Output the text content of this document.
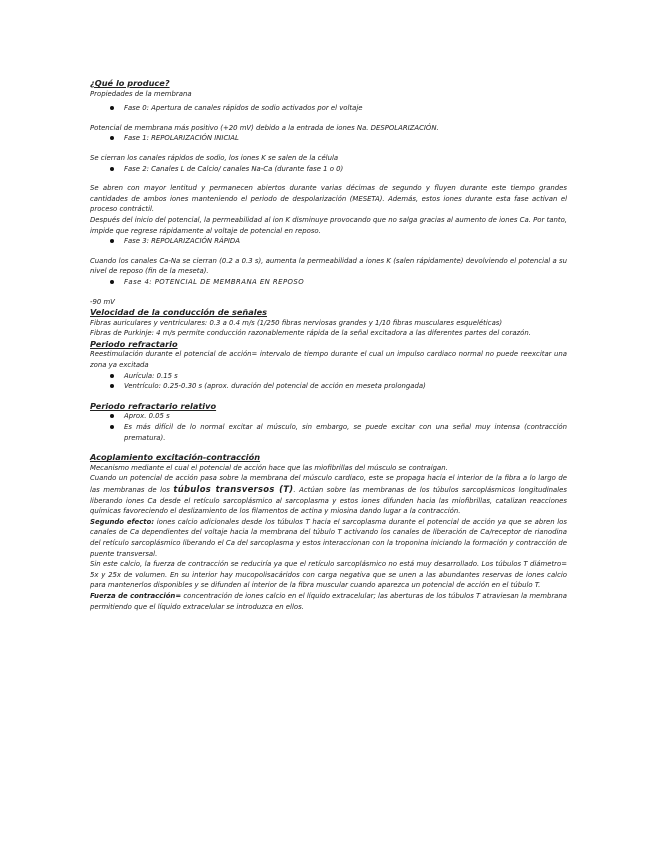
¿Qué lo produce?

Propiedades de la membrana

Fase 0: Apertura de canales rápidos de sodio activados por el voltaje

Potencial de membrana más positivo (+20 mV) debido a la entrada de iones Na. DESPOLARIZACIÓN.

Fase 1: REPOLARIZACIÓN INICIAL

Se cierran los canales rápidos de sodio, los iones K se salen de la célula

Fase 2: Canales L de Calcio/ canales Na-Ca (durante fase 1 o 0)

Se abren con mayor lentitud y permanecen abiertos durante varias décimas de segundo y fluyen durante este tiempo grandes cantidades de ambos iones manteniendo el periodo de despolarización (MESETA). Además, estos iones durante esta fase activan el proceso contráctil.

Después del inicio del potencial, la permeabilidad al ion K disminuye provocando que no salga gracias al aumento de iones Ca. Por tanto, impide que regrese rápidamente al voltaje de potencial en reposo.

Fase 3: REPOLARIZACIÓN RÁPIDA

Cuando los canales Ca-Na se cierran (0.2 a 0.3 s), aumenta la permeabilidad a iones K (salen rápidamente) devolviendo el potencial a su nivel de reposo (fin de la meseta).

Fase 4: POTENCIAL DE MEMBRANA EN REPOSO

-90 mV

Velocidad de la conducción de señales

Fibras auriculares y ventriculares: 0.3 a 0.4 m/s (1/250 fibras nerviosas grandes y 1/10 fibras musculares esqueléticas)

Fibras de Purkinje: 4 m/s permite conducción razonablemente rápida de la señal excitadora a las diferentes partes del corazón.

Periodo refractario

Reestimulación durante el potencial de acción= intervalo de tiempo durante el cual un impulso cardiaco normal no puede reexcitar una zona ya excitada

Aurícula: 0.15 s
Ventrículo: 0.25-0.30 s (aprox. duración del potencial de acción en meseta prolongada)

Periodo refractario relativo

Aprox. 0.05 s
Es más difícil de lo normal excitar al músculo, sin embargo, se puede excitar con una señal muy intensa (contracción prematura).

Acoplamiento excitación-contracción

Mecanismo mediante el cual el potencial de acción hace que las miofibrillas del músculo se contraigan.

Cuando un potencial de acción pasa sobre la membrana del músculo cardiaco, este se propaga hacia el interior de la fibra a lo largo de las membranas de los túbulos transversos (T). Actúan sobre las membranas de los túbulos sarcoplásmicos longitudinales liberando iones Ca desde el retículo sarcoplásmico al sarcoplasma y estos iones difunden hacia las miofibrillas, catalizan reacciones químicas favoreciendo el deslizamiento de los filamentos de actina y miosina dando lugar a la contracción.

Segundo efecto: iones calcio adicionales desde los túbulos T hacia el sarcoplasma durante el potencial de acción ya que se abren los canales de Ca dependientes del voltaje hacia la membrana del túbulo T activando los canales de liberación de Ca/receptor de rianodina del retículo sarcoplásmico liberando el Ca del sarcoplasma y estos interaccionan con la troponina iniciando la formación y contracción de puente transversal.

Sin este calcio, la fuerza de contracción se reduciría ya que el retículo sarcoplásmico no está muy desarrollado. Los túbulos T diámetro= 5x y 25x de volumen. En su interior hay mucopolisacáridos con carga negativa que se unen a las abundantes reservas de iones calcio para mantenerlos disponibles y se difunden al interior de la fibra muscular cuando aparezca un potencial de acción en el túbulo T.

Fuerza de contracción= concentración de iones calcio en el líquido extracelular; las aberturas de los túbulos T atraviesan la membrana permitiendo que el líquido extracelular se introduzca en ellos.
